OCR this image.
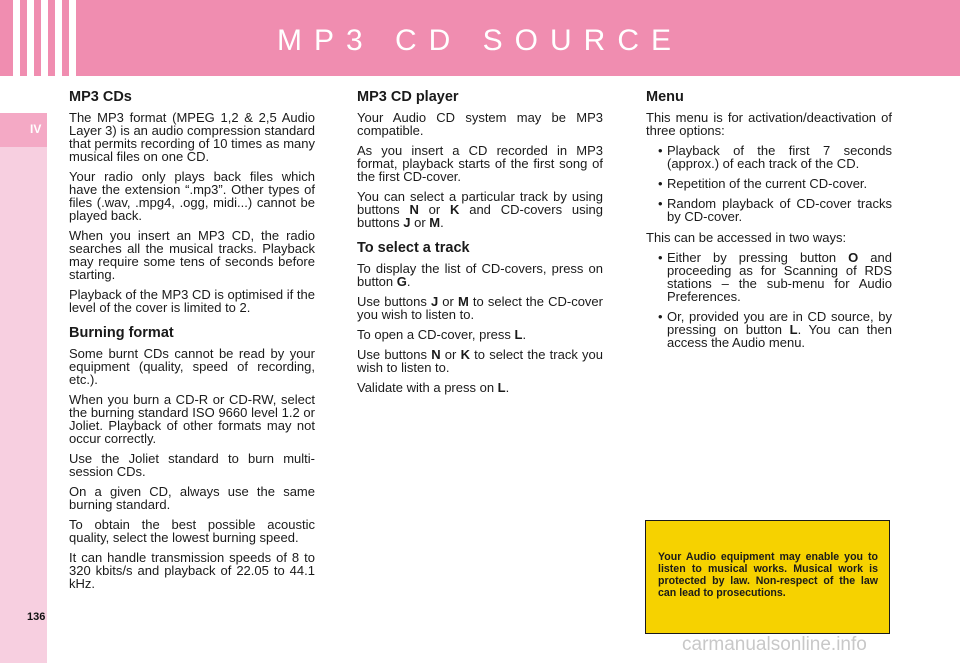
MP3 CD SOURCE
IV
136
MP3 CDs

The MP3 format (MPEG 1,2 & 2,5 Audio Layer 3) is an audio compression standard that permits recording of 10 times as many musical files on one CD.

Your radio only plays back files which have the extension “.mp3”. Other types of files (.wav, .mpg4, .ogg, midi...) cannot be played back.

When you insert an MP3 CD, the radio searches all the musical tracks. Playback may require some tens of seconds before starting.

Playback of the MP3 CD is optimised if the level of the cover is limited to 2.

Burning format

Some burnt CDs cannot be read by your equipment (quality, speed of recording, etc.).

When you burn a CD-R or CD-RW, select the burning standard ISO 9660 level 1.2 or Joliet. Playback of other formats may not occur correctly.

Use the Joliet standard to burn multi-session CDs.

On a given CD, always use the same burning standard.

To obtain the best possible acoustic quality, select the lowest burning speed.

It can handle transmission speeds of 8 to 320 kbits/s and playback of 22.05 to 44.1 kHz.

MP3 CD player

Your Audio CD system may be MP3 compatible.

As you insert a CD recorded in MP3 format, playback starts of the first song of the first CD-cover.

You can select a particular track by using buttons N or K and CD-covers using buttons J or M.

To select a track

To display the list of CD-covers, press on button G.

Use buttons J or M to select the CD-cover you wish to listen to.

To open a CD-cover, press L.

Use buttons N or K to select the track you wish to listen to.

Validate with a press on L.

Menu

This menu is for activation/deactivation of three options:

• Playback of the first 7 seconds (approx.) of each track of the CD.
• Repetition of the current CD-cover.
• Random playback of CD-cover tracks by CD-cover.

This can be accessed in two ways:

• Either by pressing button O and proceeding as for Scanning of RDS stations – the sub-menu for Audio Preferences.
• Or, provided you are in CD source, by pressing on button L. You can then access the Audio menu.

Your Audio equipment may enable you to listen to musical works. Musical work is protected by law. Non-respect of the law can lead to prosecutions.

carmanualsonline.info
